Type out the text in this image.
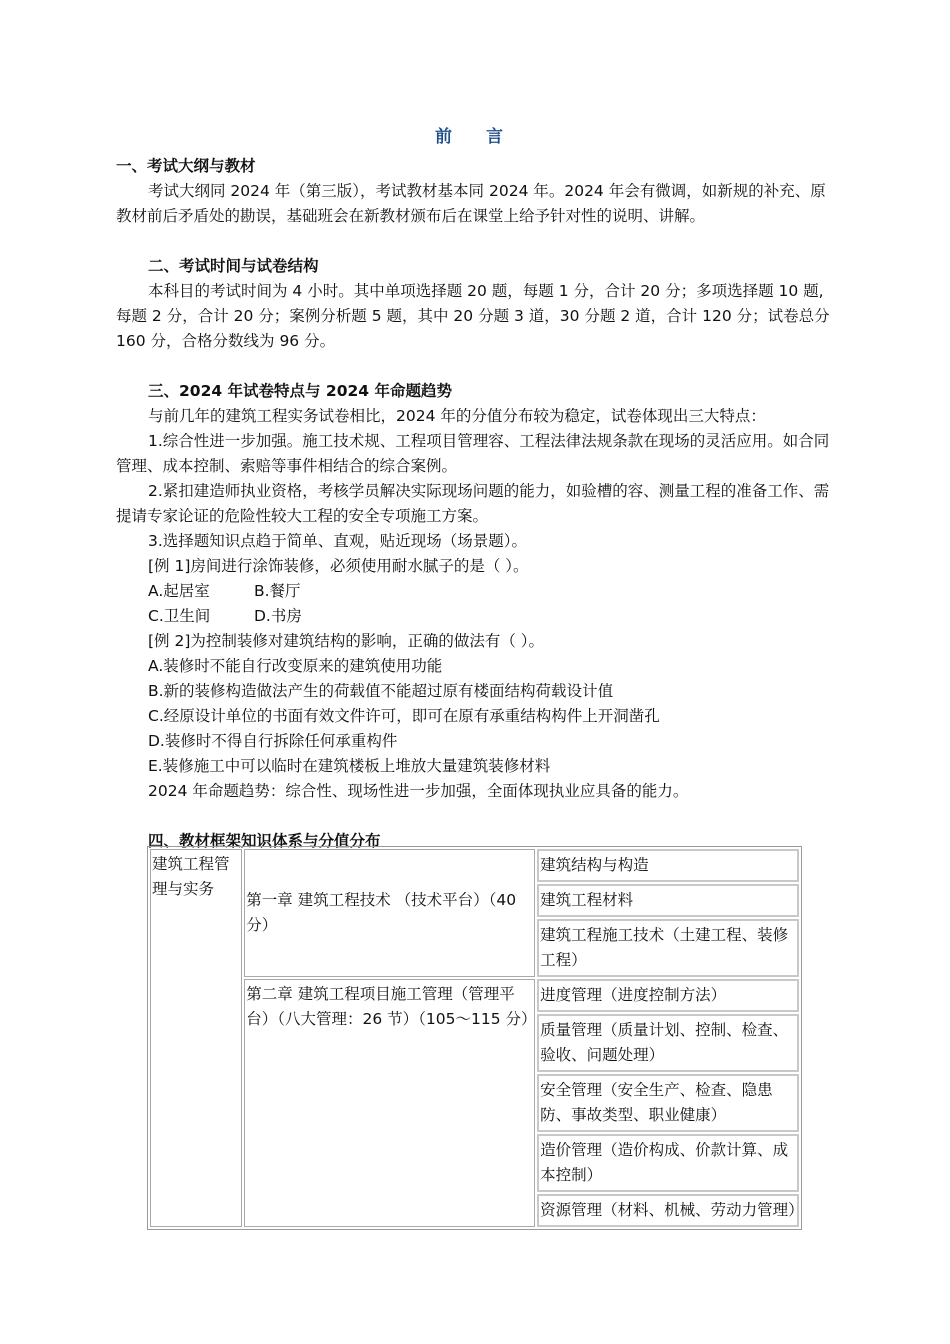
前 言
一、考试大纲与教材

考试大纲同 2024 年（第三版），考试教材基本同 2024 年。2024 年会有微调，如新规的补充、原教材前后矛盾处的勘误，基础班会在新教材颁布后在课堂上给予针对性的说明、讲解。

二、考试时间与试卷结构

本科目的考试时间为 4 小时。其中单项选择题 20 题，每题 1 分，合计 20 分；多项选择题 10 题,每题 2 分，合计 20 分；案例分析题 5 题，其中 20 分题 3 道，30 分题 2 道，合计 120 分；试卷总分 160 分，合格分数线为 96 分。

三、2024 年试卷特点与 2024 年命题趋势

与前几年的建筑工程实务试卷相比，2024 年的分值分布较为稳定，试卷体现出三大特点：

1.综合性进一步加强。施工技术规、工程项目管理容、工程法律法规条款在现场的灵活应用。如合同管理、成本控制、索赔等事件相结合的综合案例。

2.紧扣建造师执业资格，考核学员解决实际现场问题的能力，如验槽的容、测量工程的准备工作、需提请专家论证的危险性较大工程的安全专项施工方案。

3.选择题知识点趋于简单、直观，贴近现场（场景题）。

[例 1]房间进行涂饰装修，必须使用耐水腻子的是（ ）。

A.起居室	B.餐厅
C.卫生间	D.书房

[例 2]为控制装修对建筑结构的影响，正确的做法有（ ）。

A.装修时不能自行改变原来的建筑使用功能

B.新的装修构造做法产生的荷载值不能超过原有楼面结构荷载设计值

C.经原设计单位的书面有效文件许可，即可在原有承重结构构件上开洞凿孔

D.装修时不得自行拆除任何承重构件

E.装修施工中可以临时在建筑楼板上堆放大量建筑装修材料

2024 年命题趋势：综合性、现场性进一步加强，全面体现执业应具备的能力。

四、教材框架知识体系与分值分布
建筑工程管理与实务	第一章 建筑工程技术 （技术平台）（40 分）	建筑结构与构造
		建筑工程材料
		建筑工程施工技术（土建工程、装修工程）
	第二章 建筑工程项目施工管理（管理平台）（八大管理：26 节）（105～115 分）	进度管理（进度控制方法）
		质量管理（质量计划、控制、检查、验收、问题处理）
		安全管理（安全生产、检查、隐患防、事故类型、职业健康）
		造价管理（造价构成、价款计算、成本控制）
		资源管理（材料、机械、劳动力管理）
